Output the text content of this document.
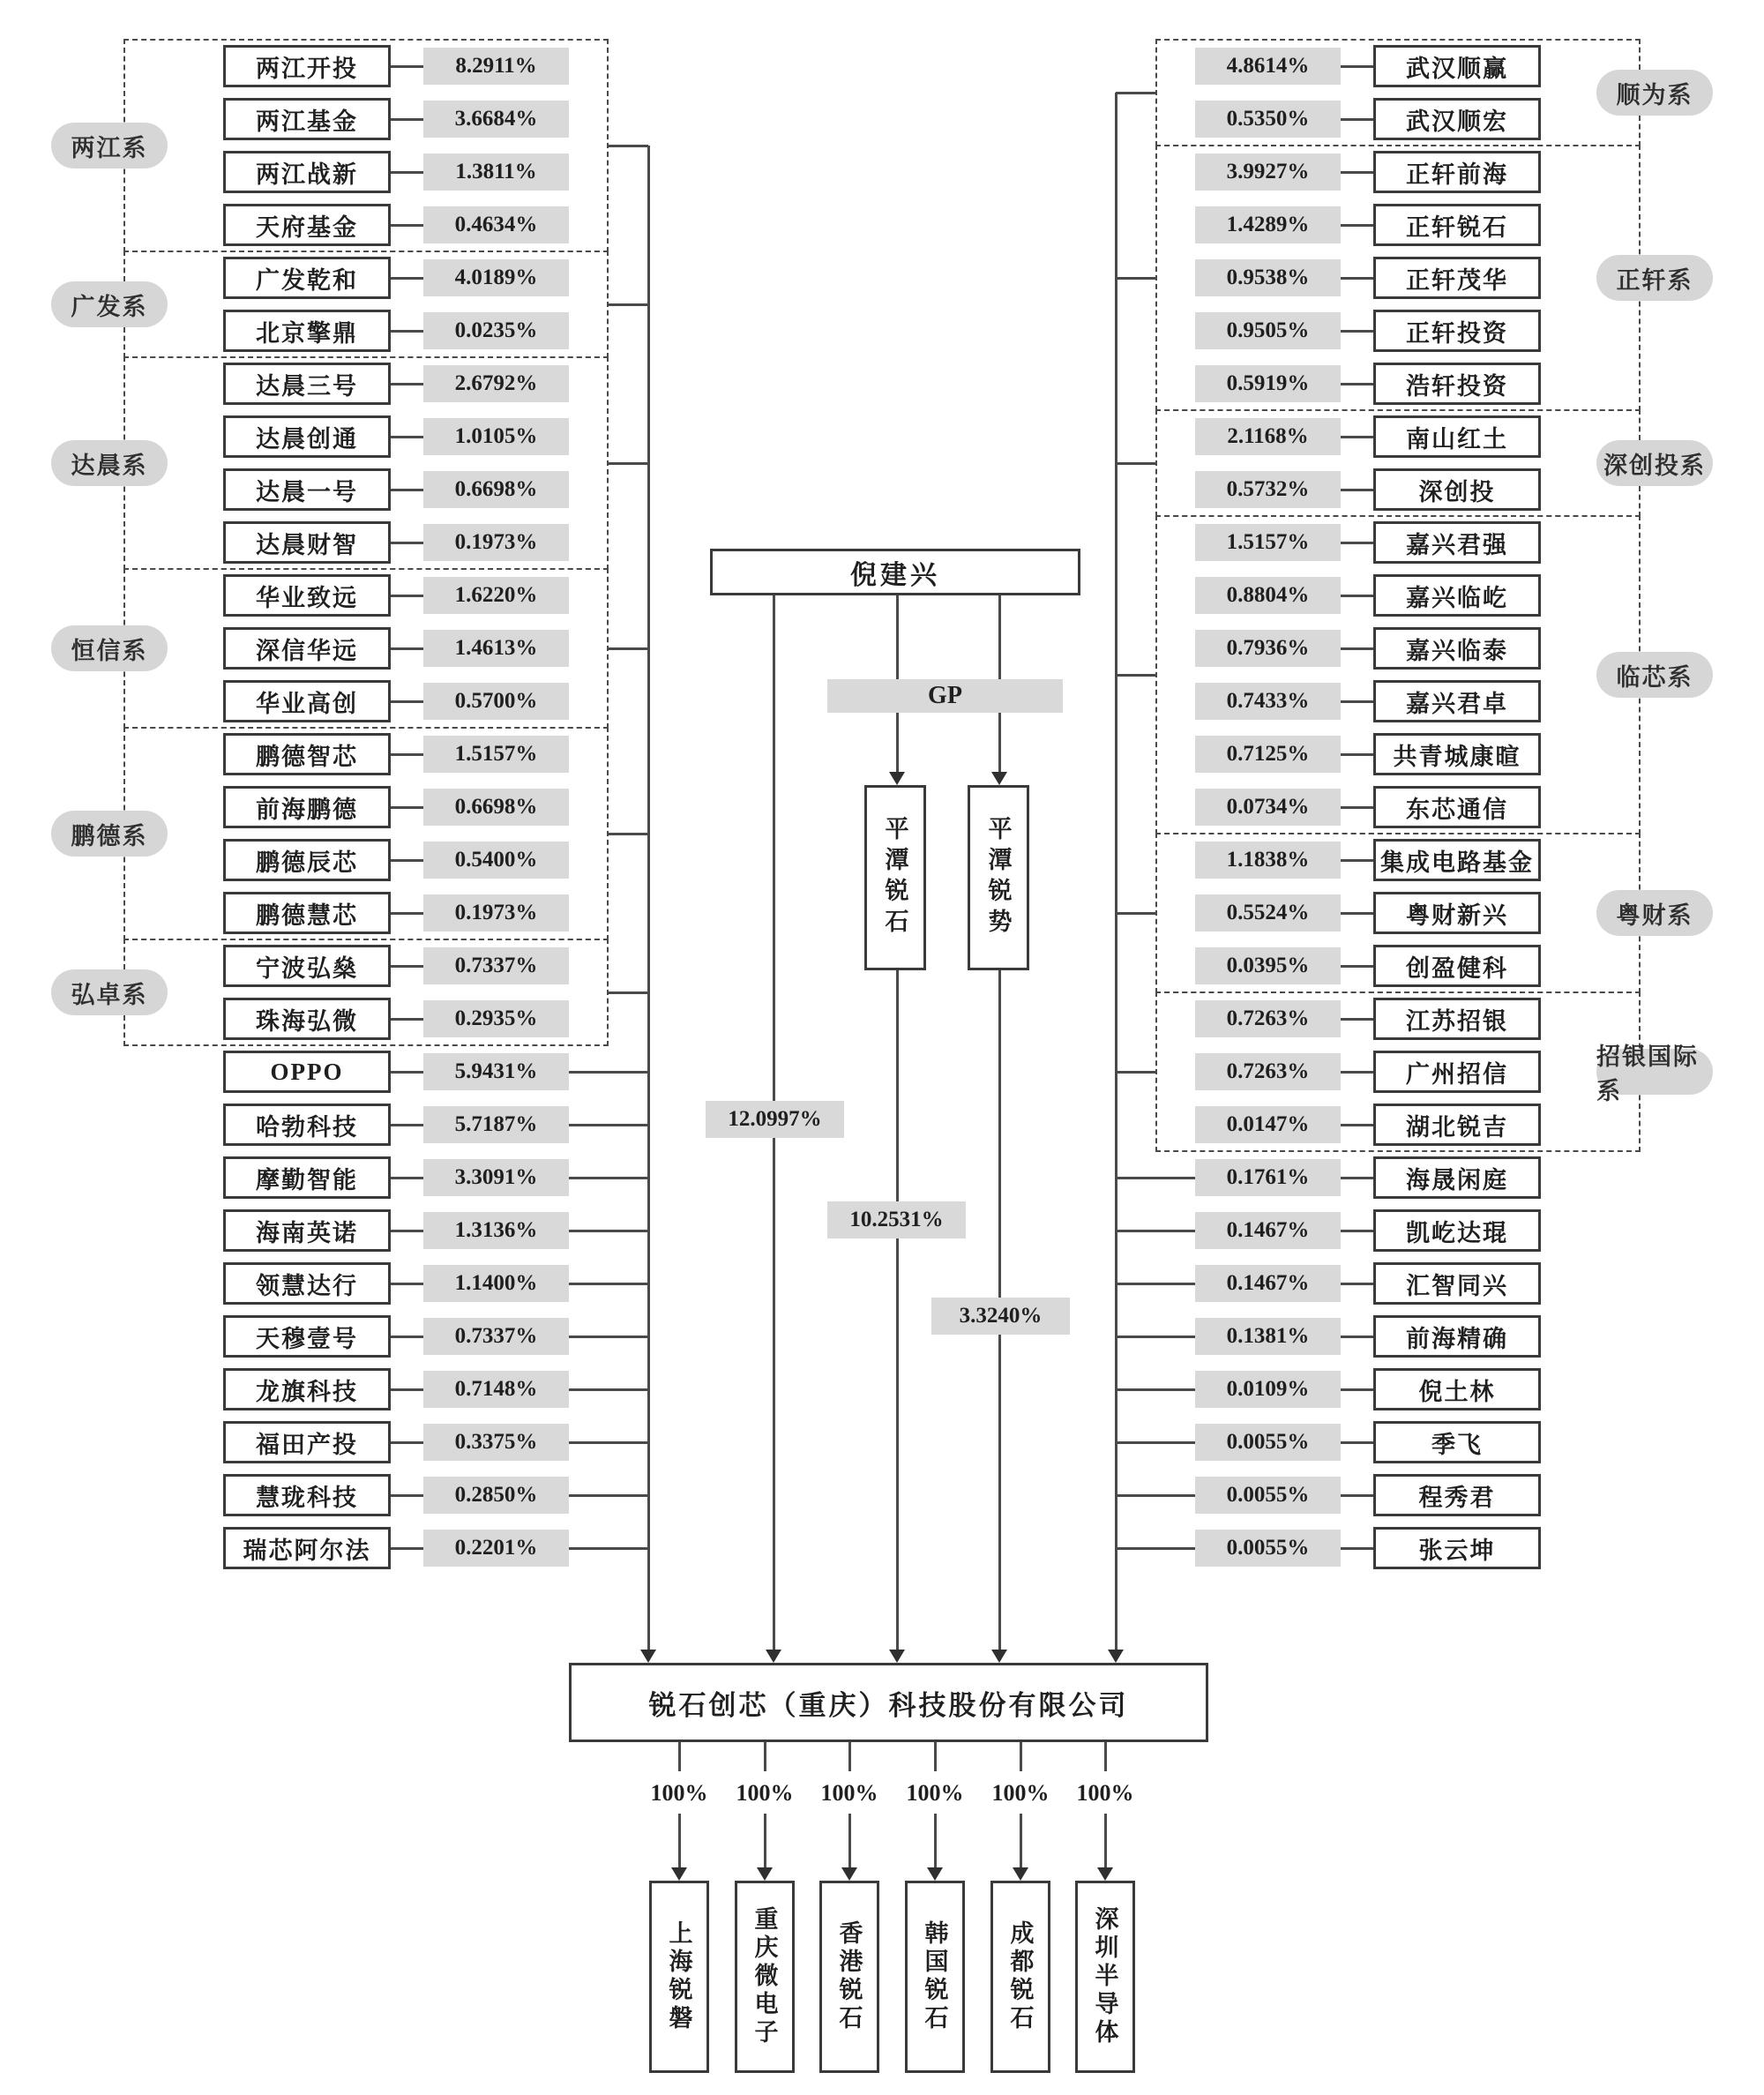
倪建兴
GP
平潭锐石	平潭锐势
12.0997%
10.2531%
3.3240%
锐石创芯（重庆）科技股份有限公司
两江系
两江开投	8.2911%
两江基金	3.6684%
两江战新	1.3811%
天府基金	0.4634%
广发系
广发乾和	4.0189%
北京擎鼎	0.0235%
达晨系
达晨三号	2.6792%
达晨创通	1.0105%
达晨一号	0.6698%
达晨财智	0.1973%
恒信系
华业致远	1.6220%
深信华远	1.4613%
华业高创	0.5700%
鹏德系
鹏德智芯	1.5157%
前海鹏德	0.6698%
鹏德辰芯	0.5400%
鹏德慧芯	0.1973%
弘卓系
宁波弘燊	0.7337%
珠海弘微	0.2935%
OPPO	5.9431%
哈勃科技	5.7187%
摩勤智能	3.3091%
海南英诺	1.3136%
领慧达行	1.1400%
天穆壹号	0.7337%
龙旗科技	0.7148%
福田产投	0.3375%
慧珑科技	0.2850%
瑞芯阿尔法	0.2201%
顺为系
4.8614%	武汉顺赢
0.5350%	武汉顺宏
正轩系
3.9927%	正轩前海
1.4289%	正轩锐石
0.9538%	正轩茂华
0.9505%	正轩投资
0.5919%	浩轩投资
深创投系
2.1168%	南山红土
0.5732%	深创投
临芯系
1.5157%	嘉兴君强
0.8804%	嘉兴临屹
0.7936%	嘉兴临泰
0.7433%	嘉兴君卓
0.7125%	共青城康暄
0.0734%	东芯通信
粤财系
1.1838%	集成电路基金
0.5524%	粤财新兴
0.0395%	创盈健科
招银国际系
0.7263%	江苏招银
0.7263%	广州招信
0.0147%	湖北锐吉
0.1761%	海晟闲庭
0.1467%	凯屹达琨
0.1467%	汇智同兴
0.1381%	前海精确
0.0109%	倪土林
0.0055%	季飞
0.0055%	程秀君
0.0055%	张云坤
100%
上海锐磐
100%
重庆微电子
100%
香港锐石
100%
韩国锐石
100%
成都锐石
100%
深圳半导体
